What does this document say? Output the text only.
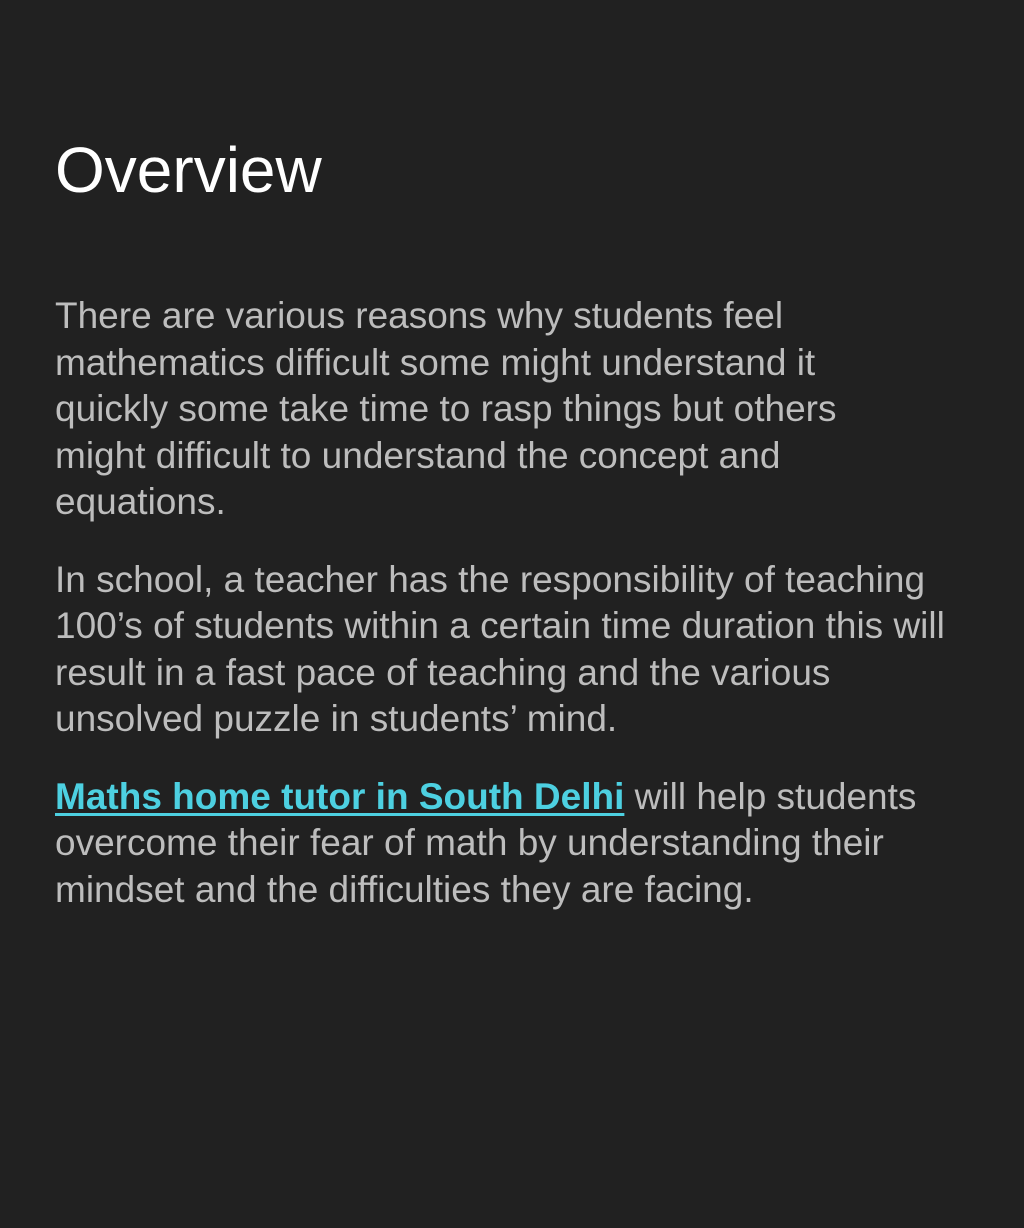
Overview

There are various reasons why students feel mathematics difficult some might understand it quickly some take time to rasp things but others might difficult to understand the concept and equations.

In school, a teacher has the responsibility of teaching 100’s of students within a certain time duration this will result in a fast pace of teaching and the various unsolved puzzle in students’ mind.

Maths home tutor in South Delhi will help students overcome their fear of math by understanding their mindset and the difficulties they are facing.
